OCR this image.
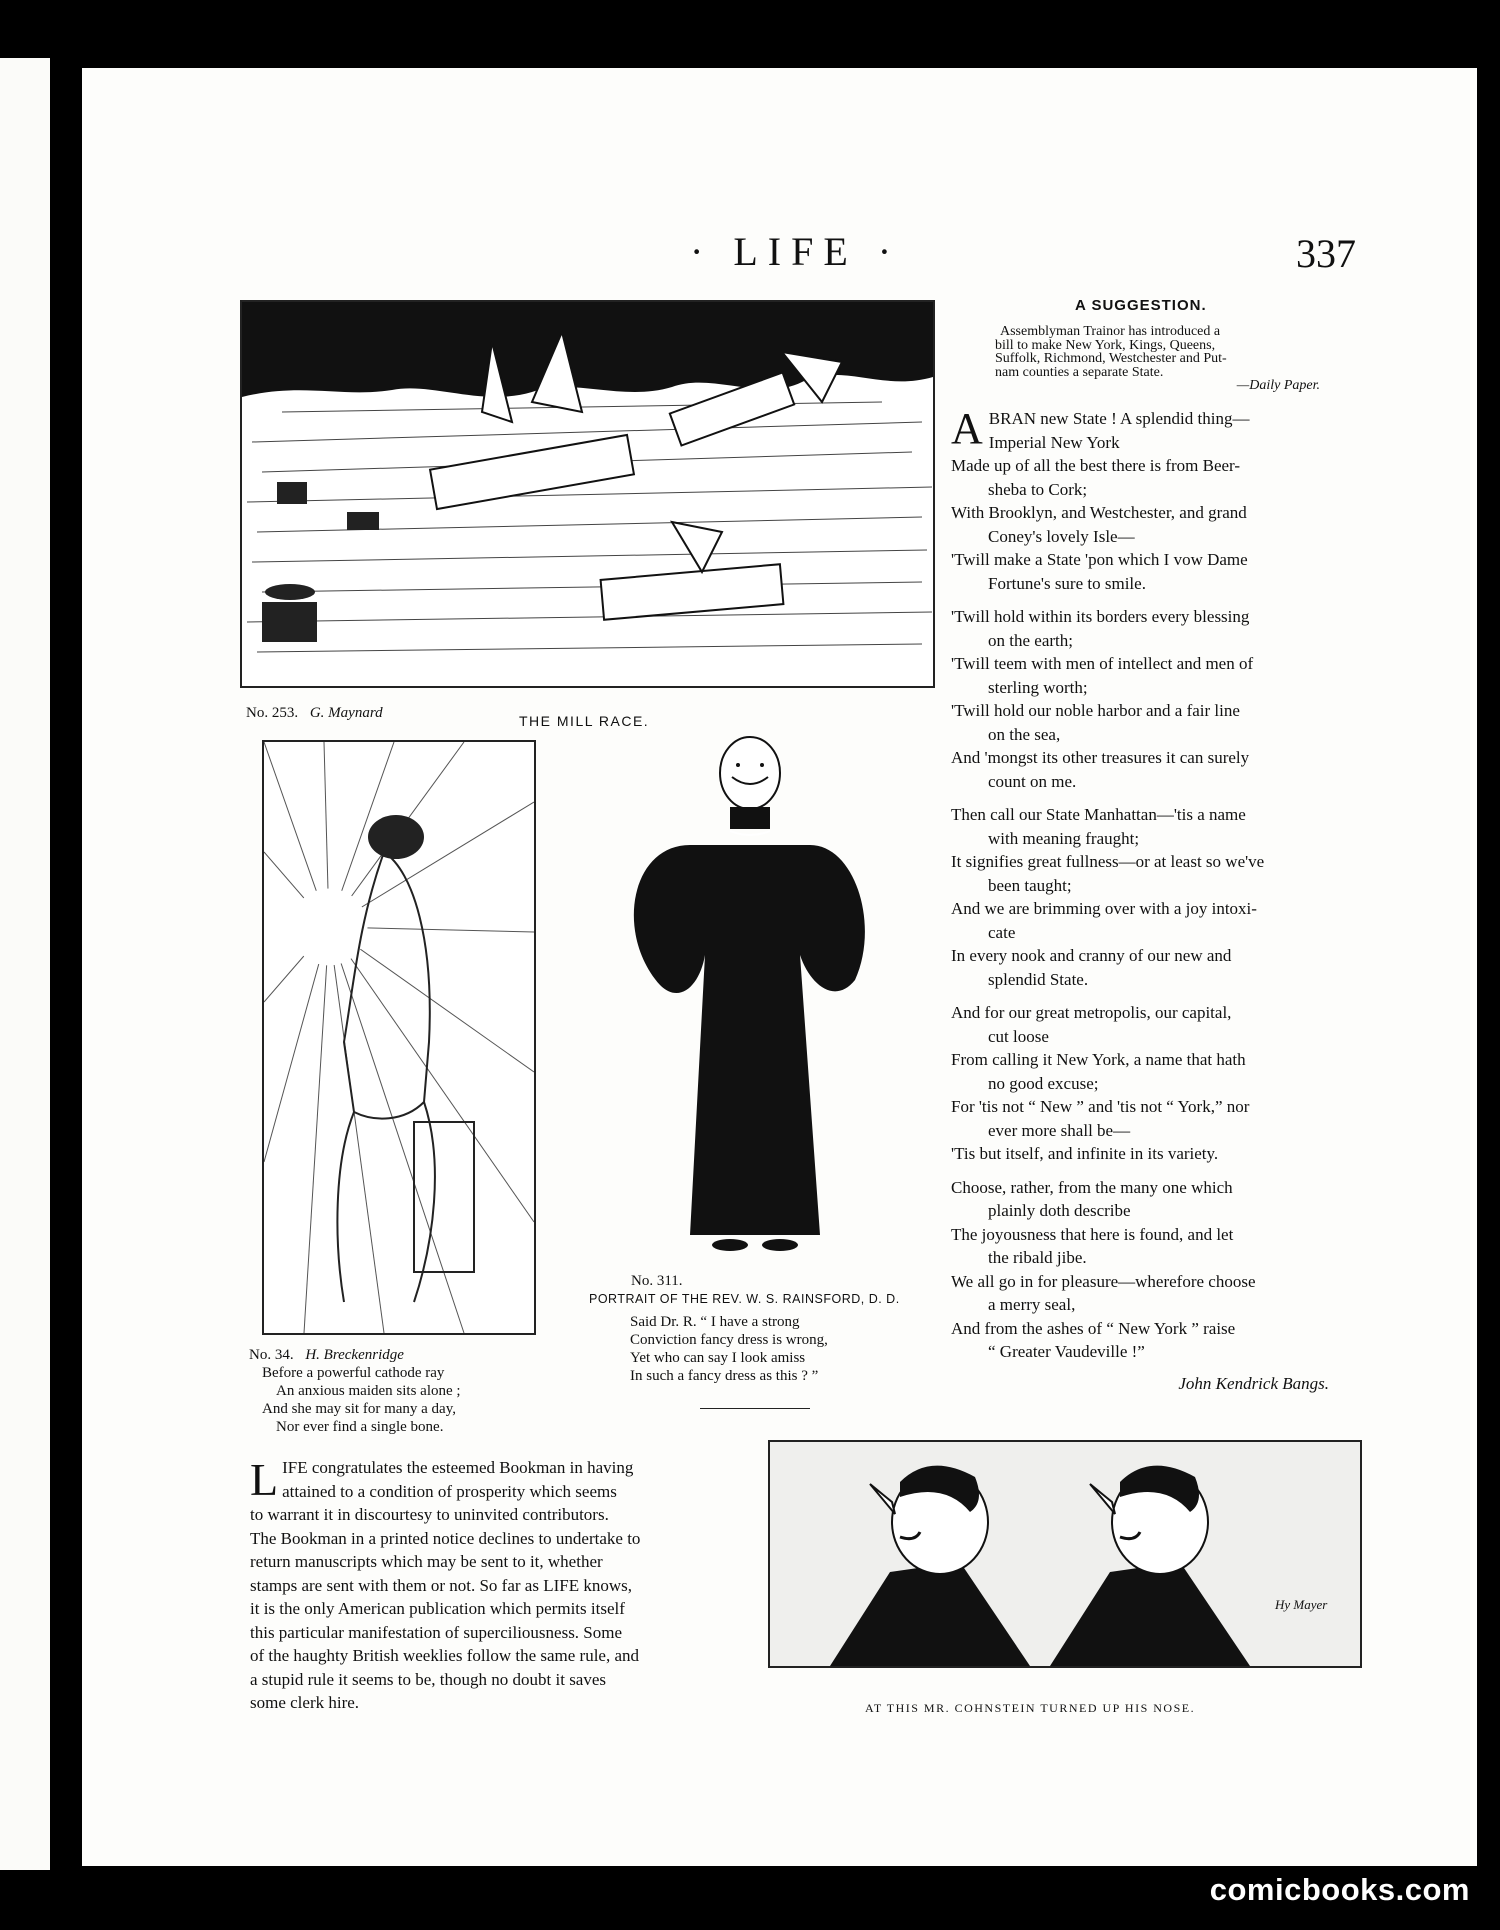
· LIFE ·	337
No. 253. G. Maynard	THE MILL RACE.
No. 34. H. Breckenridge
Before a powerful cathode ray
An anxious maiden sits alone ;
And she may sit for many a day,
Nor ever find a single bone.
No. 311.
PORTRAIT OF THE REV. W. S. RAINSFORD, D. D.
Said Dr. R. “ I have a strong
Conviction fancy dress is wrong,
Yet who can say I look amiss
In such a fancy dress as this ? ”
A SUGGESTION.
Assemblyman Trainor has introduced a
bill to make New York, Kings, Queens,
Suffolk, Richmond, Westchester and Put-
nam counties a separate State.
—Daily Paper.
A BRAN new State ! A splendid thing—

Imperial New York

Made up of all the best there is from Beer-

sheba to Cork;

With Brooklyn, and Westchester, and grand

Coney's lovely Isle—

'Twill make a State 'pon which I vow Dame

Fortune's sure to smile.

'Twill hold within its borders every blessing

on the earth;

'Twill teem with men of intellect and men of

sterling worth;

'Twill hold our noble harbor and a fair line

on the sea,

And 'mongst its other treasures it can surely

count on me.

Then call our State Manhattan—'tis a name

with meaning fraught;

It signifies great fullness—or at least so we've

been taught;

And we are brimming over with a joy intoxi-

cate

In every nook and cranny of our new and

splendid State.

And for our great metropolis, our capital,

cut loose

From calling it New York, a name that hath

no good excuse;

For 'tis not “ New ” and 'tis not “ York,” nor

ever more shall be—

'Tis but itself, and infinite in its variety.

Choose, rather, from the many one which

plainly doth describe

The joyousness that here is found, and let

the ribald jibe.

We all go in for pleasure—wherefore choose

a merry seal,

And from the ashes of “ New York ” raise

“ Greater Vaudeville !”

John Kendrick Bangs.

L IFE congratulates the esteemed Bookman in having
attained to a condition of prosperity which seems
to warrant it in discourtesy to uninvited contributors.
The Bookman in a printed notice declines to undertake to
return manuscripts which may be sent to it, whether
stamps are sent with them or not. So far as LIFE knows,
it is the only American publication which permits itself
this particular manifestation of superciliousness. Some
of the haughty British weeklies follow the same rule, and
a stupid rule it seems to be, though no doubt it saves
some clerk hire.
Hy Mayer
AT THIS MR. COHNSTEIN TURNED UP HIS NOSE.
comicbooks.com
